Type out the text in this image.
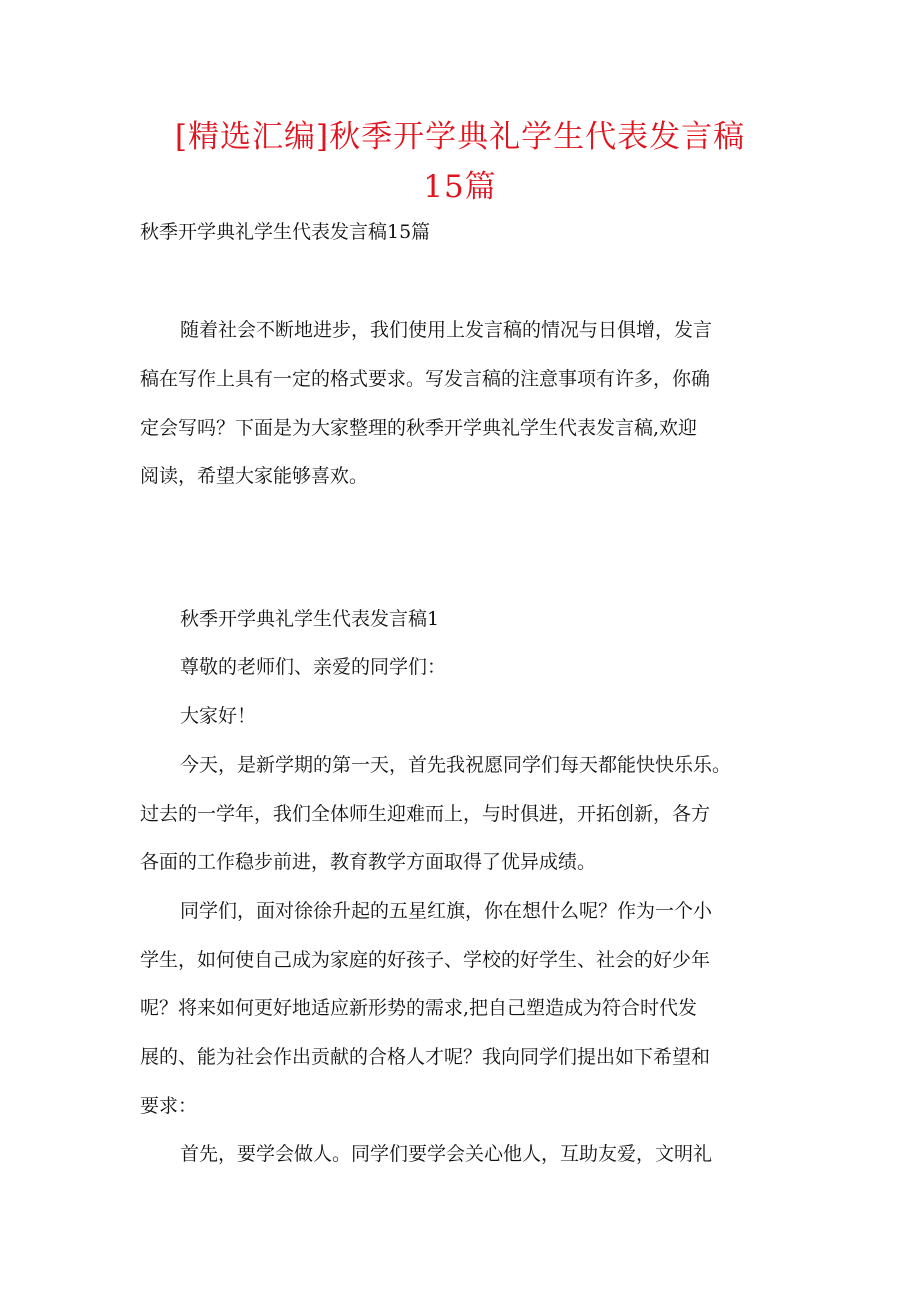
[精选汇编]秋季开学典礼学生代表发言稿
15篇

秋季开学典礼学生代表发言稿15篇

随着社会不断地进步，我们使用上发言稿的情况与日俱增，发言

稿在写作上具有一定的格式要求。写发言稿的注意事项有许多，你确

定会写吗？下面是为大家整理的秋季开学典礼学生代表发言稿,欢迎

阅读，希望大家能够喜欢。

秋季开学典礼学生代表发言稿1

尊敬的老师们、亲爱的同学们：

大家好！

今天，是新学期的第一天，首先我祝愿同学们每天都能快快乐乐。

过去的一学年，我们全体师生迎难而上，与时俱进，开拓创新，各方

各面的工作稳步前进，教育教学方面取得了优异成绩。

同学们，面对徐徐升起的五星红旗，你在想什么呢？作为一个小

学生，如何使自己成为家庭的好孩子、学校的好学生、社会的好少年

呢？将来如何更好地适应新形势的需求,把自己塑造成为符合时代发

展的、能为社会作出贡献的合格人才呢？我向同学们提出如下希望和

要求：

首先，要学会做人。同学们要学会关心他人，互助友爱，文明礼
